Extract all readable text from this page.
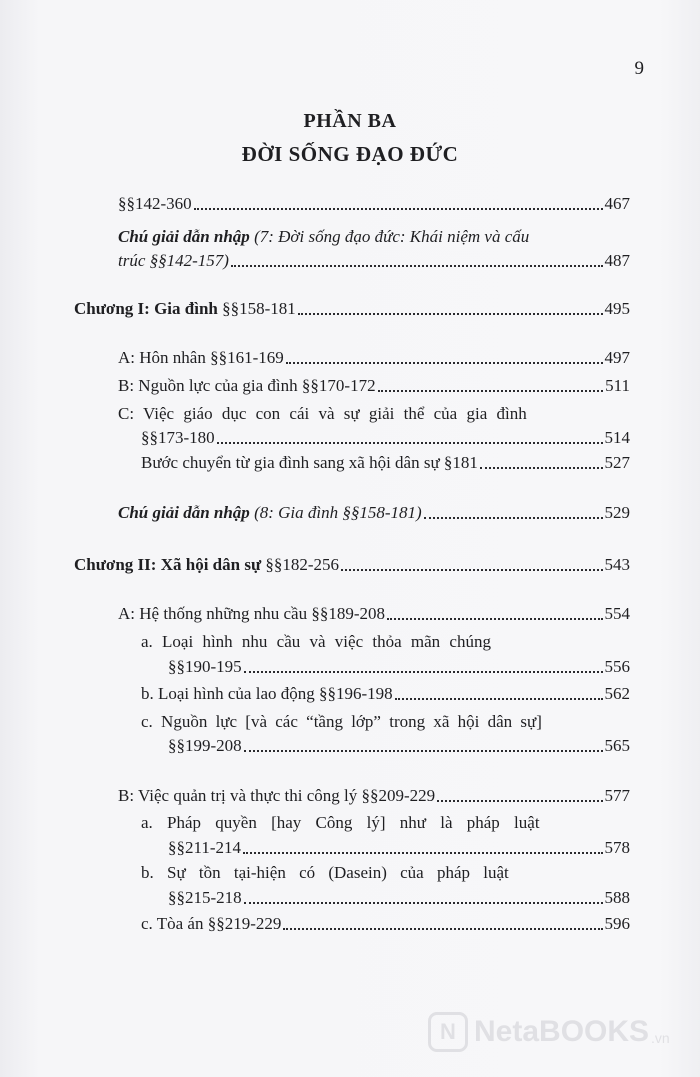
9
PHẦN BA
ĐỜI SỐNG ĐẠO ĐỨC
§§142-360	467
Chú giải dẫn nhập (7: Đời sống đạo đức: Khái niệm và cấu
trúc §§142-157)	487
Chương I: Gia đình §§158-181	495
A: Hôn nhân §§161-169	497
B: Nguồn lực của gia đình §§170-172	511
C: Việc giáo dục con cái và sự giải thể của gia đình
§§173-180	514
Bước chuyển từ gia đình sang xã hội dân sự §181	527
Chú giải dẫn nhập (8: Gia đình §§158-181)	529
Chương II: Xã hội dân sự §§182-256	543
A: Hệ thống những nhu cầu §§189-208	554
a. Loại hình nhu cầu và việc thỏa mãn chúng
§§190-195	556
b. Loại hình của lao động §§196-198	562
c. Nguồn lực [và các “tầng lớp” trong xã hội dân sự]
§§199-208	565
B: Việc quản trị và thực thi công lý §§209-229	577
a. Pháp quyền [hay Công lý] như là pháp luật
§§211-214	578
b. Sự tồn tại-hiện có (Dasein) của pháp luật
§§215-218	588
c. Tòa án §§219-229	596
N NetaBOOKS .vn
